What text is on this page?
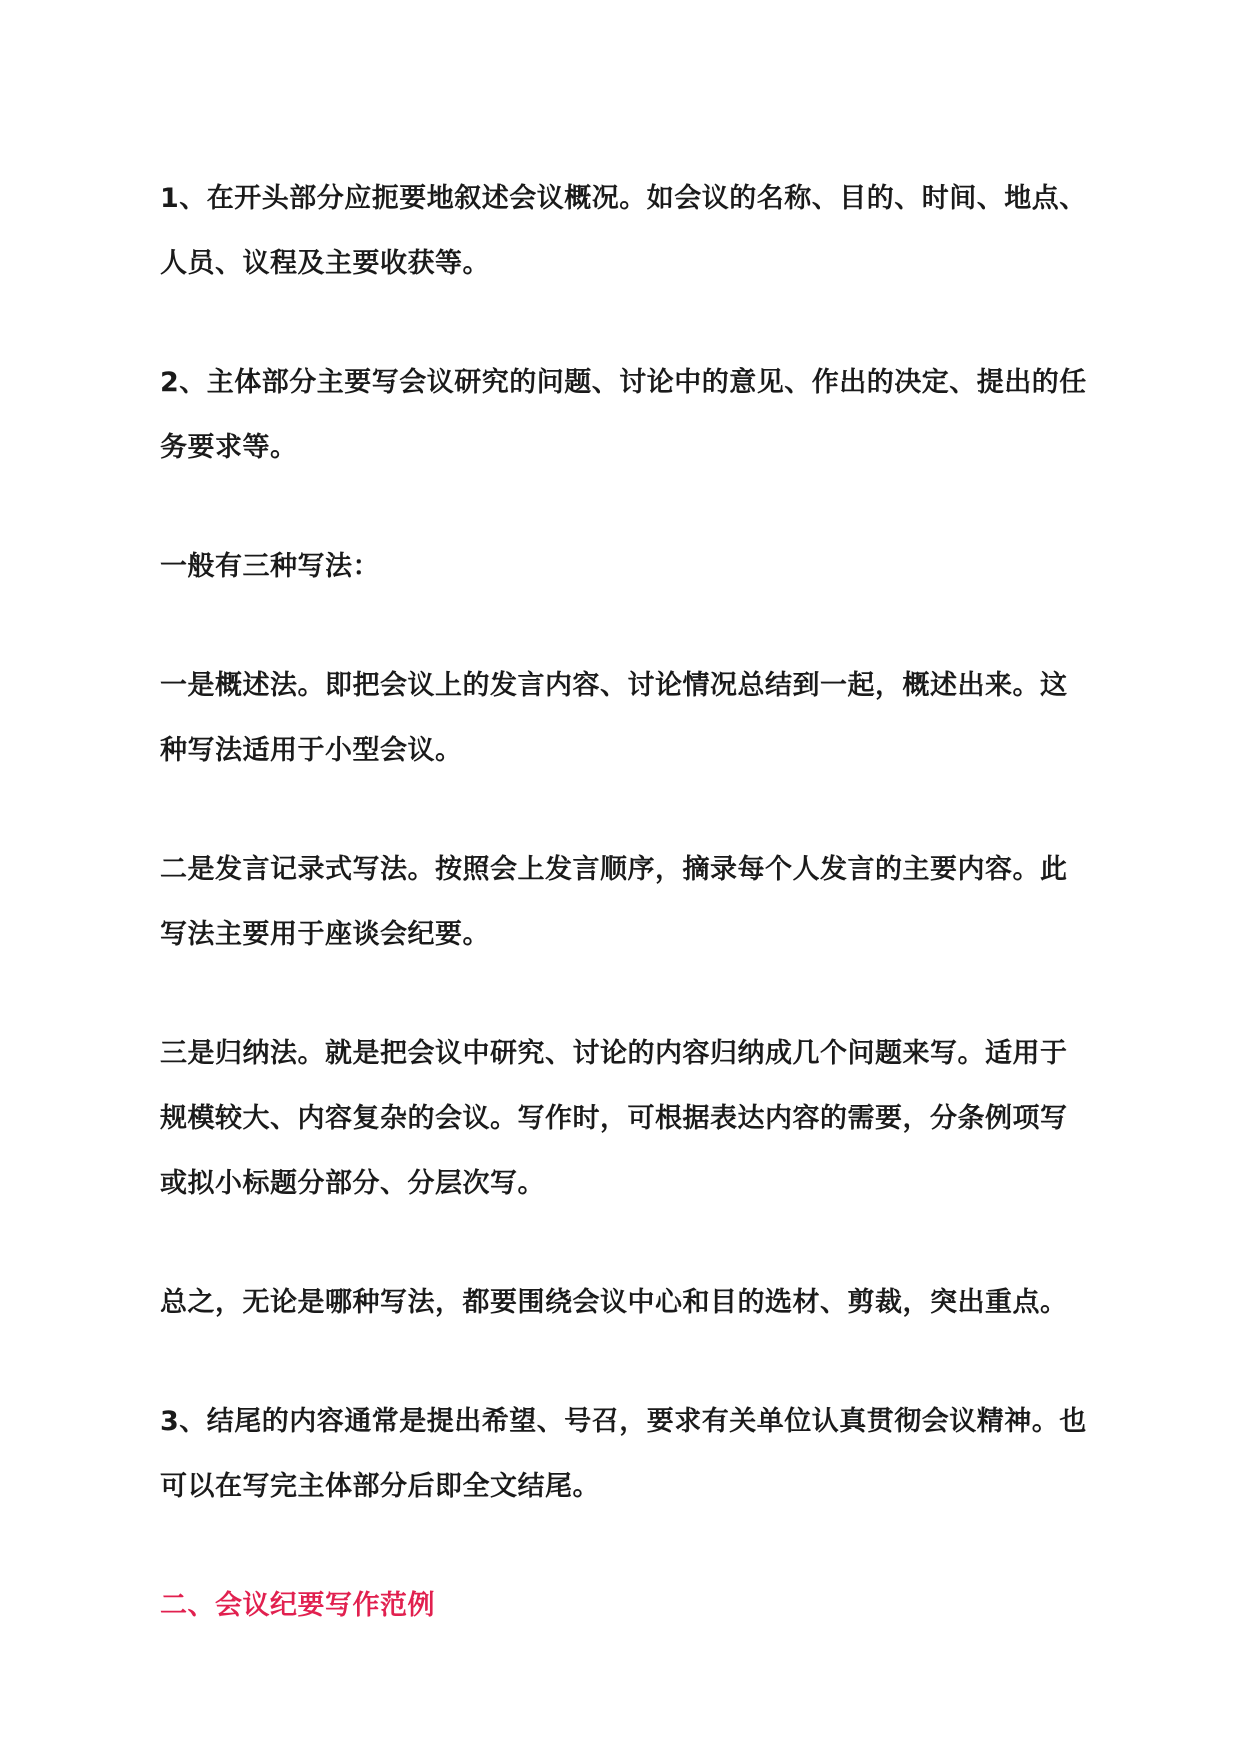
1、在开头部分应扼要地叙述会议概况。如会议的名称、目的、时间、地点、人员、议程及主要收获等。

2、主体部分主要写会议研究的问题、讨论中的意见、作出的决定、提出的任务要求等。

一般有三种写法：

一是概述法。即把会议上的发言内容、讨论情况总结到一起，概述出来。这种写法适用于小型会议。

二是发言记录式写法。按照会上发言顺序，摘录每个人发言的主要内容。此写法主要用于座谈会纪要。

三是归纳法。就是把会议中研究、讨论的内容归纳成几个问题来写。适用于规模较大、内容复杂的会议。写作时，可根据表达内容的需要，分条例项写或拟小标题分部分、分层次写。

总之，无论是哪种写法，都要围绕会议中心和目的选材、剪裁，突出重点。

3、结尾的内容通常是提出希望、号召，要求有关单位认真贯彻会议精神。也可以在写完主体部分后即全文结尾。

二、会议纪要写作范例
